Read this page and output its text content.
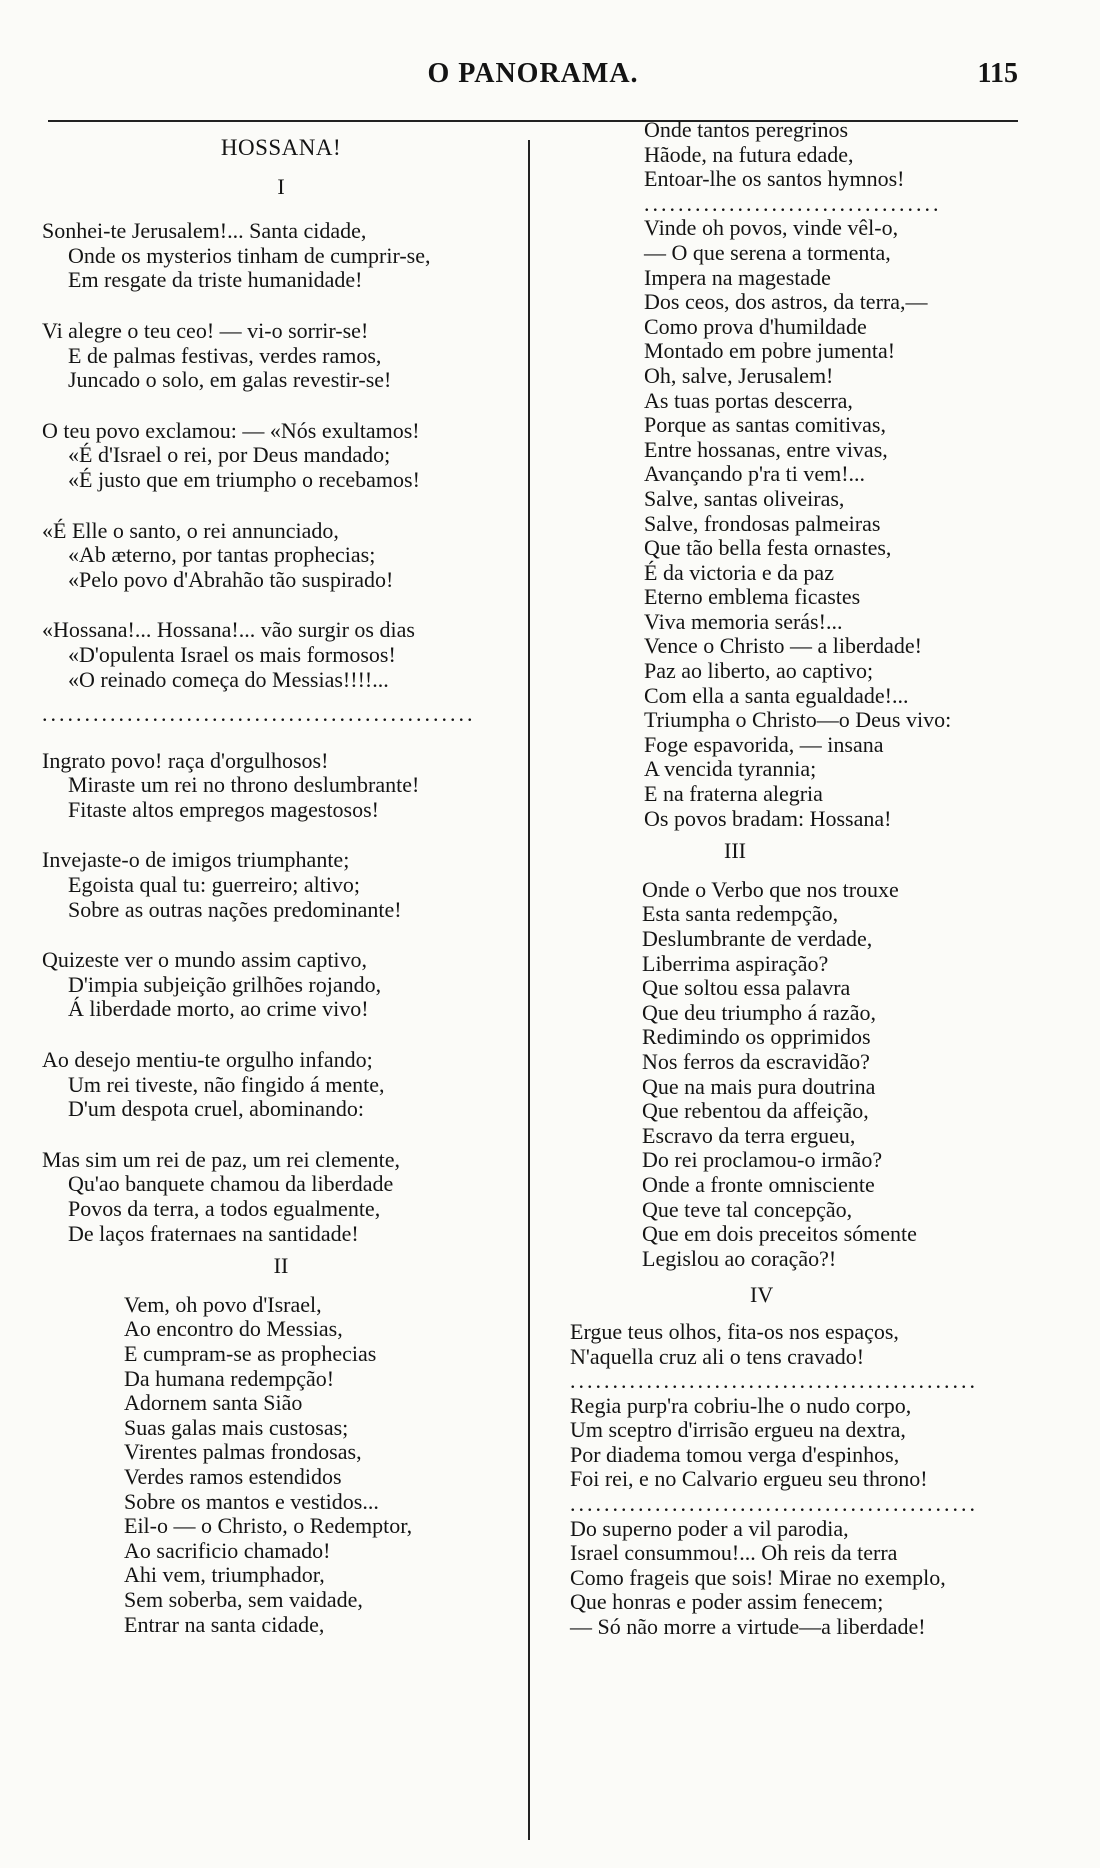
O PANORAMA.	115
HOSSANA!
I
Sonhei-te Jerusalem!... Santa cidade,
Onde os mysterios tinham de cumprir-se,
Em resgate da triste humanidade!
Vi alegre o teu ceo! — vi-o sorrir-se!
E de palmas festivas, verdes ramos,
Juncado o solo, em galas revestir-se!
O teu povo exclamou: — «Nós exultamos!
«É d'Israel o rei, por Deus mandado;
«É justo que em triumpho o recebamos!
«É Elle o santo, o rei annunciado,
«Ab æterno, por tantas prophecias;
«Pelo povo d'Abrahão tão suspirado!
«Hossana!... Hossana!... vão surgir os dias
«D'opulenta Israel os mais formosos!
«O reinado começa do Messias!!!!...
...................................................
Ingrato povo! raça d'orgulhosos!
Miraste um rei no throno deslumbrante!
Fitaste altos empregos magestosos!
Invejaste-o de imigos triumphante;
Egoista qual tu: guerreiro; altivo;
Sobre as outras nações predominante!
Quizeste ver o mundo assim captivo,
D'impia subjeição grilhões rojando,
Á liberdade morto, ao crime vivo!
Ao desejo mentiu-te orgulho infando;
Um rei tiveste, não fingido á mente,
D'um despota cruel, abominando:
Mas sim um rei de paz, um rei clemente,
Qu'ao banquete chamou da liberdade
Povos da terra, a todos egualmente,
De laços fraternaes na santidade!
II
Vem, oh povo d'Israel,
Ao encontro do Messias,
E cumpram-se as prophecias
Da humana redempção!
Adornem santa Sião
Suas galas mais custosas;
Virentes palmas frondosas,
Verdes ramos estendidos
Sobre os mantos e vestidos...
Eil-o — o Christo, o Redemptor,
Ao sacrificio chamado!
Ahi vem, triumphador,
Sem soberba, sem vaidade,
Entrar na santa cidade,
Onde tantos peregrinos
Hãode, na futura edade,
Entoar-lhe os santos hymnos!
...................................
Vinde oh povos, vinde vêl-o,
— O que serena a tormenta,
Impera na magestade
Dos ceos, dos astros, da terra,—
Como prova d'humildade
Montado em pobre jumenta!
Oh, salve, Jerusalem!
As tuas portas descerra,
Porque as santas comitivas,
Entre hossanas, entre vivas,
Avançando p'ra ti vem!...
Salve, santas oliveiras,
Salve, frondosas palmeiras
Que tão bella festa ornastes,
É da victoria e da paz
Eterno emblema ficastes
Viva memoria serás!...
Vence o Christo — a liberdade!
Paz ao liberto, ao captivo;
Com ella a santa egualdade!...
Triumpha o Christo—o Deus vivo:
Foge espavorida, — insana
A vencida tyrannia;
E na fraterna alegria
Os povos bradam: Hossana!
III
Onde o Verbo que nos trouxe
Esta santa redempção,
Deslumbrante de verdade,
Liberrima aspiração?
Que soltou essa palavra
Que deu triumpho á razão,
Redimindo os opprimidos
Nos ferros da escravidão?
Que na mais pura doutrina
Que rebentou da affeição,
Escravo da terra ergueu,
Do rei proclamou-o irmão?
Onde a fronte omnisciente
Que teve tal concepção,
Que em dois preceitos sómente
Legislou ao coração?!
IV
Ergue teus olhos, fita-os nos espaços,
N'aquella cruz ali o tens cravado!
................................................
Regia purp'ra cobriu-lhe o nudo corpo,
Um sceptro d'irrisão ergueu na dextra,
Por diadema tomou verga d'espinhos,
Foi rei, e no Calvario ergueu seu throno!
................................................
Do superno poder a vil parodia,
Israel consummou!... Oh reis da terra
Como frageis que sois! Mirae no exemplo,
Que honras e poder assim fenecem;
— Só não morre a virtude—a liberdade!
